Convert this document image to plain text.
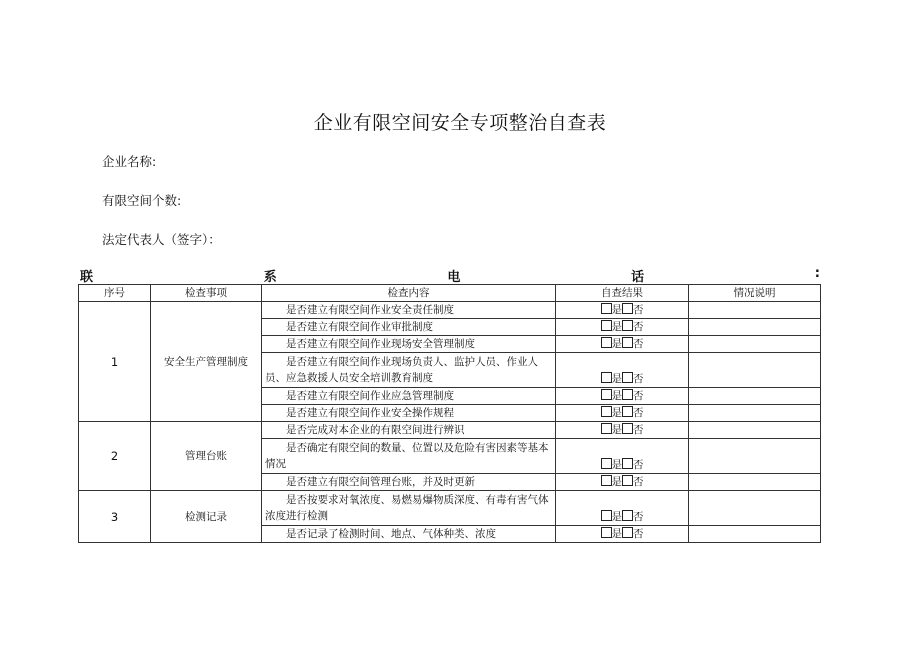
企业有限空间安全专项整治自查表
企业名称:
有限空间个数:
法定代表人（签字）：
联	系	电	话	:
序号	检查事项	检查内容	自查结果	情况说明
1	安全生产管理制度	是否建立有限空间作业安全责任制度	是 否	
		是否建立有限空间作业审批制度	是 否	
		是否建立有限空间作业现场安全管理制度	是 否	
		是否建立有限空间作业现场负责人、监护人员、作业人员、应急救援人员安全培训教育制度	是 否	
		是否建立有限空间作业应急管理制度	是 否	
		是否建立有限空间作业安全操作规程	是 否	
2	管理台账	是否完成对本企业的有限空间进行辨识	是 否	
		是否确定有限空间的数量、位置以及危险有害因素等基本情况	是 否	
		是否建立有限空间管理台账，并及时更新	是 否	
3	检测记录	是否按要求对氧浓度、易燃易爆物质深度、有毒有害气体浓度进行检测	是 否	
		是否记录了检测时间、地点、气体种类、浓度	是 否	
